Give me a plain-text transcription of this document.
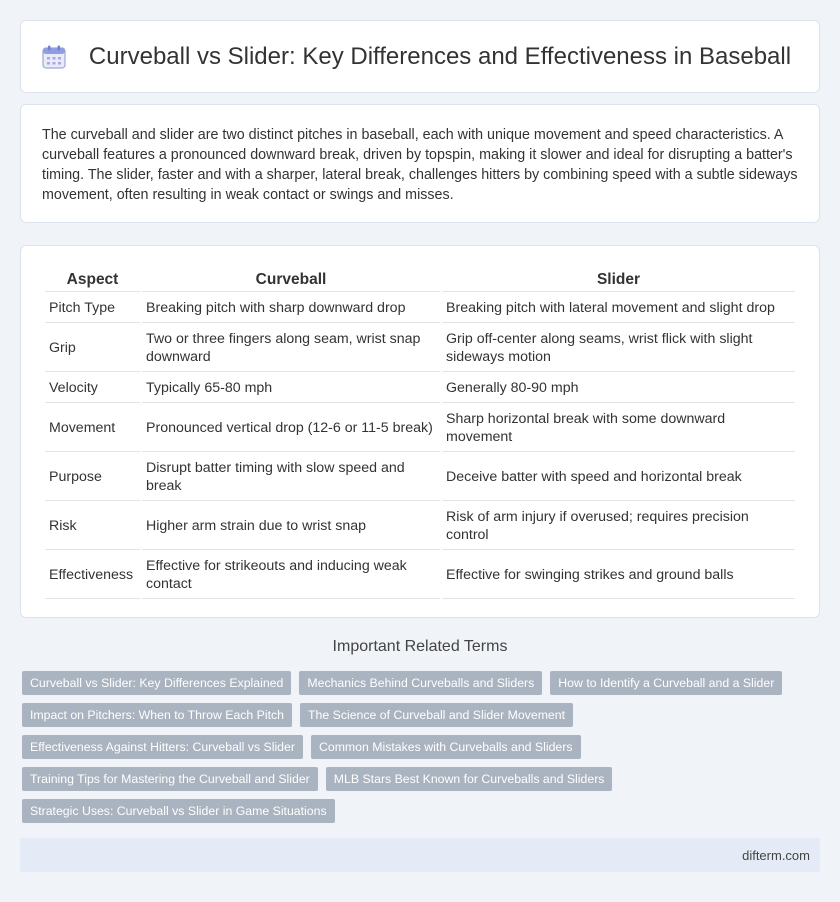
Curveball vs Slider: Key Differences and Effectiveness in Baseball

The curveball and slider are two distinct pitches in baseball, each with unique movement and speed characteristics. A curveball features a pronounced downward break, driven by topspin, making it slower and ideal for disrupting a batter's timing. The slider, faster and with a sharper, lateral break, challenges hitters by combining speed with a subtle sideways movement, often resulting in weak contact or swings and misses.

Aspect	Curveball	Slider
Pitch Type	Breaking pitch with sharp downward drop	Breaking pitch with lateral movement and slight drop
Grip	Two or three fingers along seam, wrist snap downward	Grip off-center along seams, wrist flick with slight sideways motion
Velocity	Typically 65-80 mph	Generally 80-90 mph
Movement	Pronounced vertical drop (12-6 or 11-5 break)	Sharp horizontal break with some downward movement
Purpose	Disrupt batter timing with slow speed and break	Deceive batter with speed and horizontal break
Risk	Higher arm strain due to wrist snap	Risk of arm injury if overused; requires precision control
Effectiveness	Effective for strikeouts and inducing weak contact	Effective for swinging strikes and ground balls
Important Related Terms
Curveball vs Slider: Key Differences Explained	Mechanics Behind Curveballs and Sliders	How to Identify a Curveball and a Slider
Impact on Pitchers: When to Throw Each Pitch	The Science of Curveball and Slider Movement
Effectiveness Against Hitters: Curveball vs Slider	Common Mistakes with Curveballs and Sliders
Training Tips for Mastering the Curveball and Slider	MLB Stars Best Known for Curveballs and Sliders
Strategic Uses: Curveball vs Slider in Game Situations
difterm.com
